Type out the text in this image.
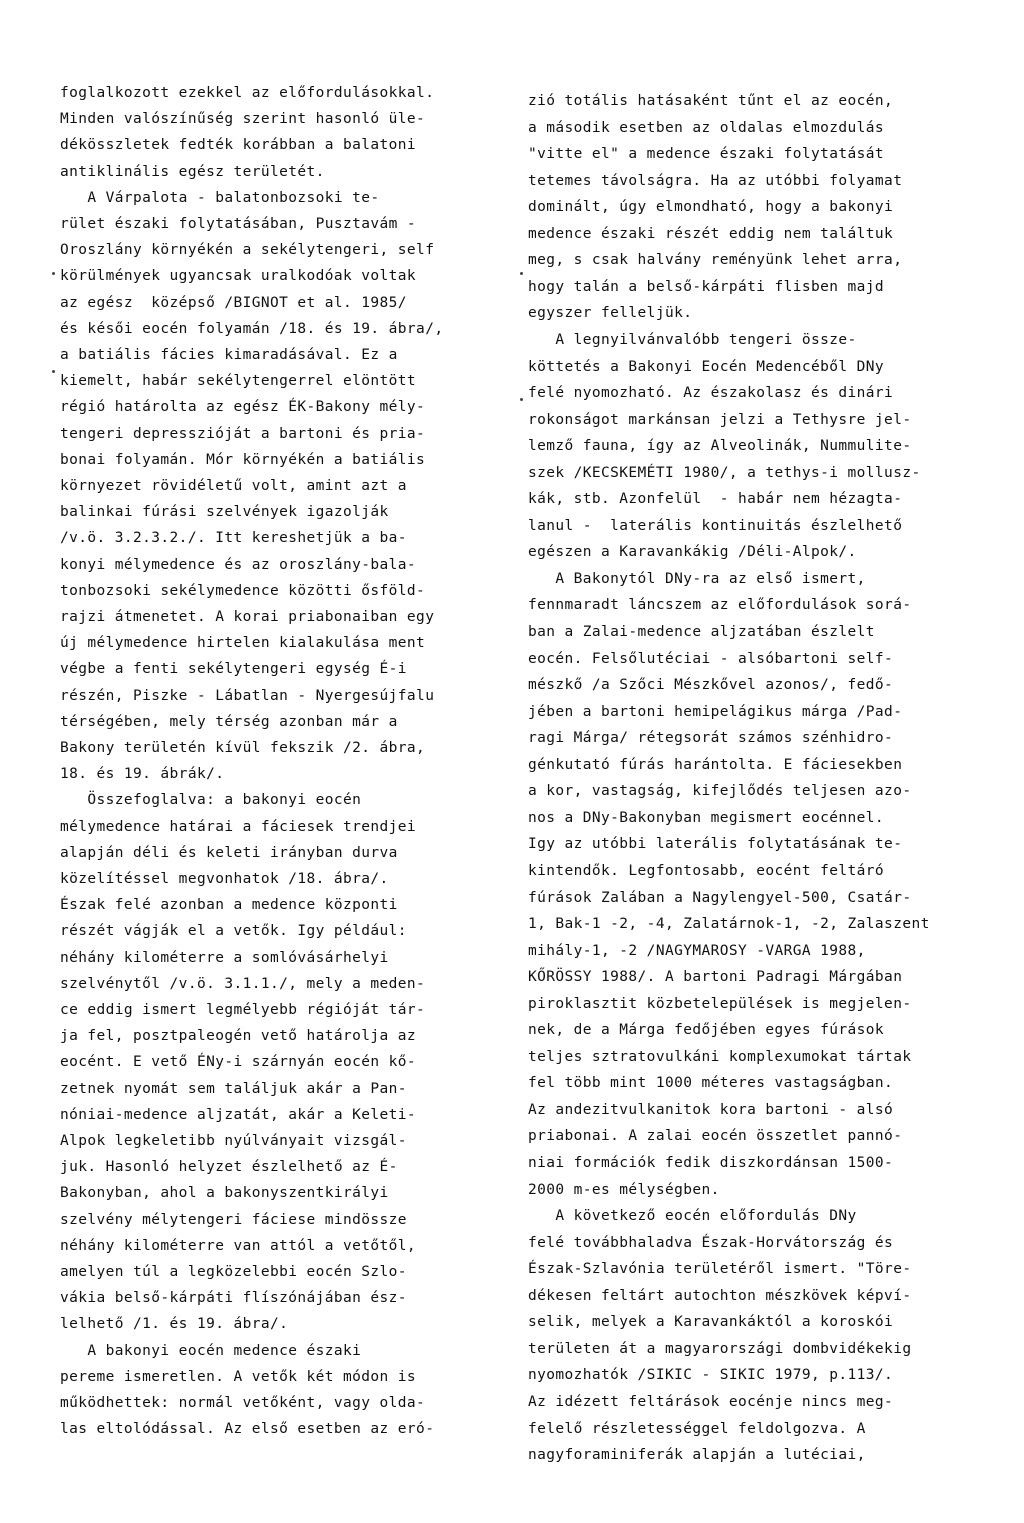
foglalkozott ezekkel az előfordulásokkal.
Minden valószínűség szerint hasonló üle-
dékösszletek fedték korábban a balatoni
antiklinális egész területét.
A Várpalota - balatonbozsoki te-
rület északi folytatásában, Pusztavám -
Oroszlány környékén a sekélytengeri, self
körülmények ugyancsak uralkodóak voltak
az egész  középső /BIGNOT et al. 1985/
és késői eocén folyamán /18. és 19. ábra/,
a batiális fácies kimaradásával. Ez a
kiemelt, habár sekélytengerrel elöntött
régió határolta az egész ÉK-Bakony mély-
tengeri depresszióját a bartoni és pria-
bonai folyamán. Mór környékén a batiális
környezet rövidéletű volt, amint azt a
balinkai fúrási szelvények igazolják
/v.ö. 3.2.3.2./. Itt kereshetjük a ba-
konyi mélymedence és az oroszlány-bala-
tonbozsoki sekélymedence közötti ősföld-
rajzi átmenetet. A korai priabonaiban egy
új mélymedence hirtelen kialakulása ment
végbe a fenti sekélytengeri egység É-i
részén, Piszke - Lábatlan - Nyergesújfalu
térségében, mely térség azonban már a
Bakony területén kívül fekszik /2. ábra,
18. és 19. ábrák/.
Összefoglalva: a bakonyi eocén
mélymedence határai a fáciesek trendjei
alapján déli és keleti irányban durva
közelítéssel megvonhatok /18. ábra/.
Észak felé azonban a medence központi
részét vágják el a vetők. Igy például:
néhány kilométerre a somlóvásárhelyi
szelvénytől /v.ö. 3.1.1./, mely a meden-
ce eddig ismert legmélyebb régióját tár-
ja fel, posztpaleogén vető határolja az
eocént. E vető ÉNy-i szárnyán eocén kő-
zetnek nyomát sem találjuk akár a Pan-
nóniai-medence aljzatát, akár a Keleti-
Alpok legkeletibb nyúlványait vizsgál-
juk. Hasonló helyzet észlelhető az É-
Bakonyban, ahol a bakonyszentkirályi
szelvény mélytengeri fáciese mindössze
néhány kilométerre van attól a vetőtől,
amelyen túl a legközelebbi eocén Szlo-
vákia belső-kárpáti flíszónájában ész-
lelhető /1. és 19. ábra/.
A bakonyi eocén medence északi
pereme ismeretlen. A vetők két módon is
működhettek: normál vetőként, vagy olda-
las eltolódással. Az első esetben az eró-
zió totális hatásaként tűnt el az eocén,
a második esetben az oldalas elmozdulás
"vitte el" a medence északi folytatását
tetemes távolságra. Ha az utóbbi folyamat
dominált, úgy elmondható, hogy a bakonyi
medence északi részét eddig nem találtuk
meg, s csak halvány reményünk lehet arra,
hogy talán a belső-kárpáti flisben majd
egyszer felleljük.
A legnyilvánvalóbb tengeri össze-
köttetés a Bakonyi Eocén Medencéből DNy
felé nyomozható. Az északolasz és dinári
rokonságot markánsan jelzi a Tethysre jel-
lemző fauna, így az Alveolinák, Nummulite-
szek /KECSKEMÉTI 1980/, a tethys-i mollusz-
kák, stb. Azonfelül  - habár nem hézagta-
lanul -  laterális kontinuitás észlelhető
egészen a Karavankákig /Déli-Alpok/.
A Bakonytól DNy-ra az első ismert,
fennmaradt láncszem az előfordulások sorá-
ban a Zalai-medence aljzatában észlelt
eocén. Felsőlutéciai - alsóbartoni self-
mészkő /a Szőci Mészkővel azonos/, fedő-
jében a bartoni hemipelágikus márga /Pad-
ragi Márga/ rétegsorát számos szénhidro-
génkutató fúrás harántolta. E fáciesekben
a kor, vastagság, kifejlődés teljesen azo-
nos a DNy-Bakonyban megismert eocénnel.
Igy az utóbbi laterális folytatásának te-
kintendők. Legfontosabb, eocént feltáró
fúrások Zalában a Nagylengyel-500, Csatár-
1, Bak-1 -2, -4, Zalatárnok-1, -2, Zalaszent
mihály-1, -2 /NAGYMAROSY -VARGA 1988,
KŐRÖSSY 1988/. A bartoni Padragi Márgában
piroklasztit közbetelepülések is megjelen-
nek, de a Márga fedőjében egyes fúrások
teljes sztratovulkáni komplexumokat tártak
fel több mint 1000 méteres vastagságban.
Az andezitvulkanitok kora bartoni - alsó
priabonai. A zalai eocén összetlet pannó-
niai formációk fedik diszkordánsan 1500-
2000 m-es mélységben.
A következő eocén előfordulás DNy
felé továbbhaladva Észak-Horvátország és
Észak-Szlavónia területéről ismert. "Töre-
dékesen feltárt autochton mészkövek képví-
selik, melyek a Karavankáktól a koroskói
területen át a magyarországi dombvidékekig
nyomozhatók /SIKIC - SIKIC 1979, p.113/.
Az idézett feltárások eocénje nincs meg-
felelő részletességgel feldolgozva. A
nagyforaminiferák alapján a lutéciai,
